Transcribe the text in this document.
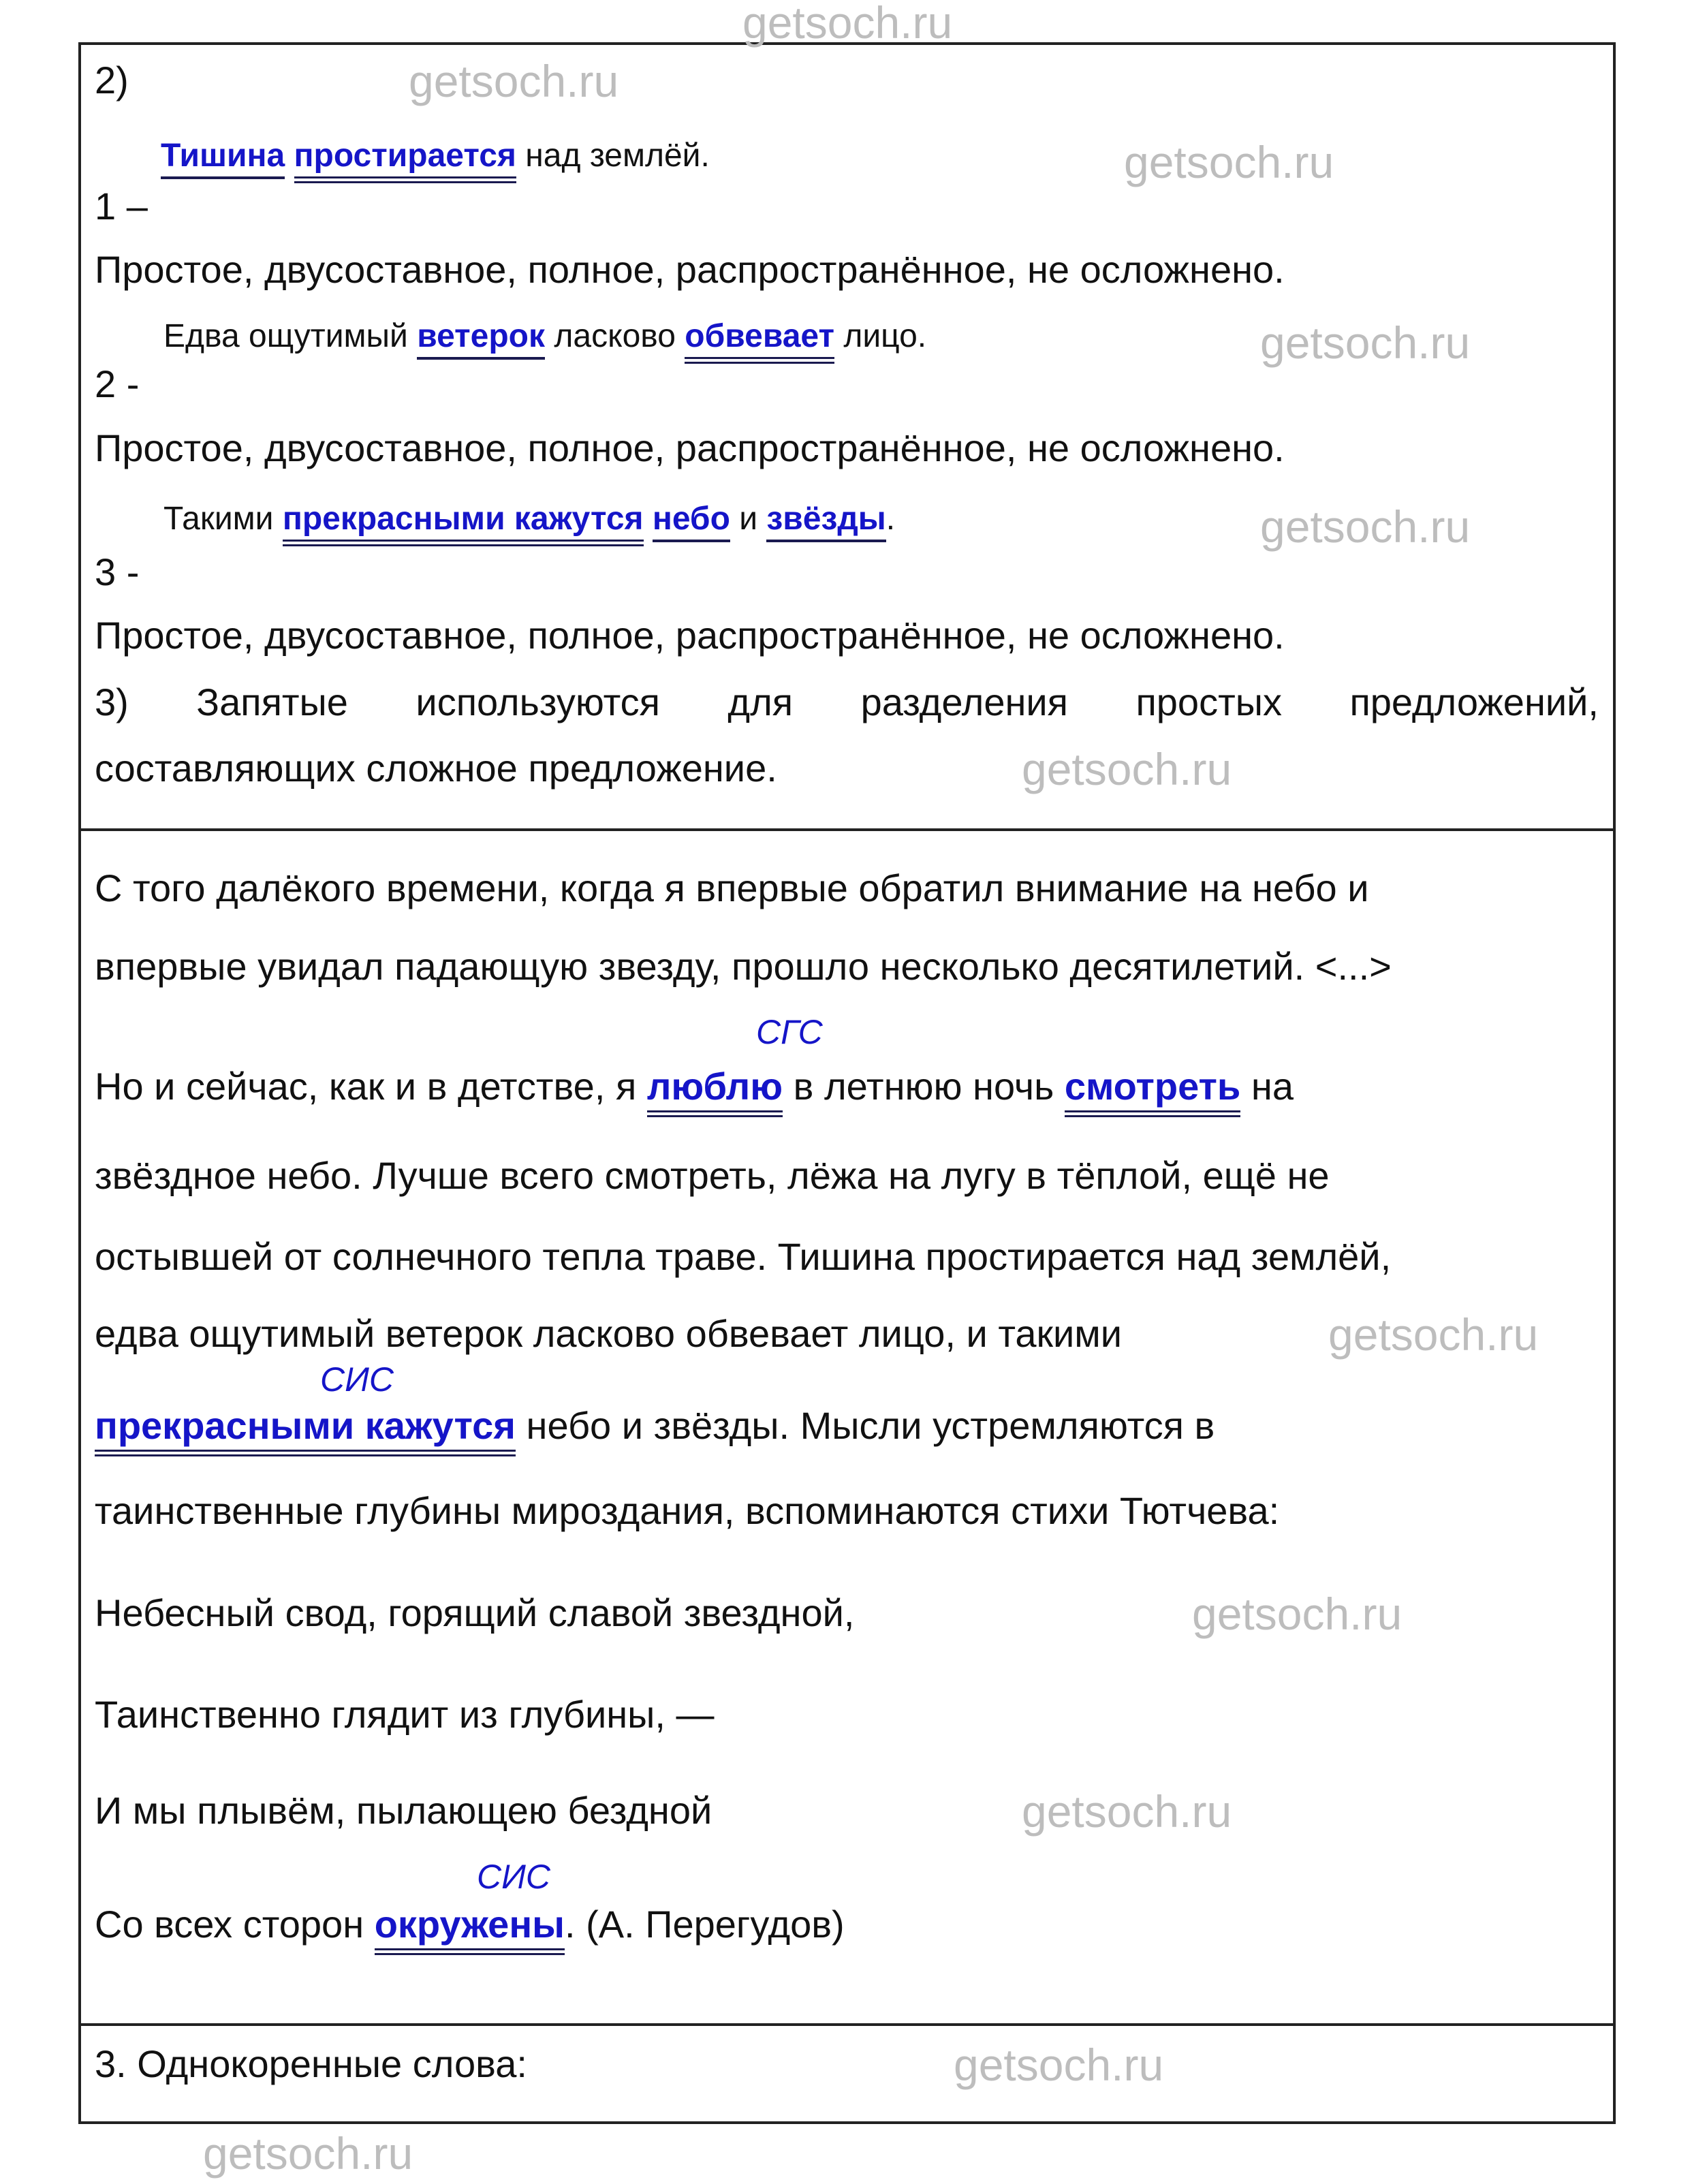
2)
1 –
Тишина простирается над землёй.
Простое, двусоставное, полное, распространённое, не осложнено.
2 -
Едва ощутимый ветерок ласково обвевает лицо.
Простое, двусоставное, полное, распространённое, не осложнено.
3 -
Такими прекрасными кажутся небо и звёзды.
Простое, двусоставное, полное, распространённое, не осложнено.
3) Запятые используются для разделения простых предложений,
составляющих сложное предложение.
С того далёкого времени, когда я впервые обратил внимание на небо и
впервые увидал падающую звезду, прошло несколько десятилетий. <...>
СГС
Но и сейчас, как и в детстве, я люблю в летнюю ночь смотреть на
звёздное небо. Лучше всего смотреть, лёжа на лугу в тёплой, ещё не
остывшей от солнечного тепла траве. Тишина простирается над землёй,
едва ощутимый ветерок ласково обвевает лицо, и такими
СИС
прекрасными кажутся небо и звёзды. Мысли устремляются в
таинственные глубины мироздания, вспоминаются стихи Тютчева:
Небесный свод, горящий славой звездной,
Таинственно глядит из глубины, —
И мы плывём, пылающею бездной
СИС
Со всех сторон окружены. (А. Перегудов)
3. Однокоренные слова:
getsoch.ru
getsoch.ru
getsoch.ru
getsoch.ru
getsoch.ru
getsoch.ru
getsoch.ru
getsoch.ru
getsoch.ru
getsoch.ru
getsoch.ru
